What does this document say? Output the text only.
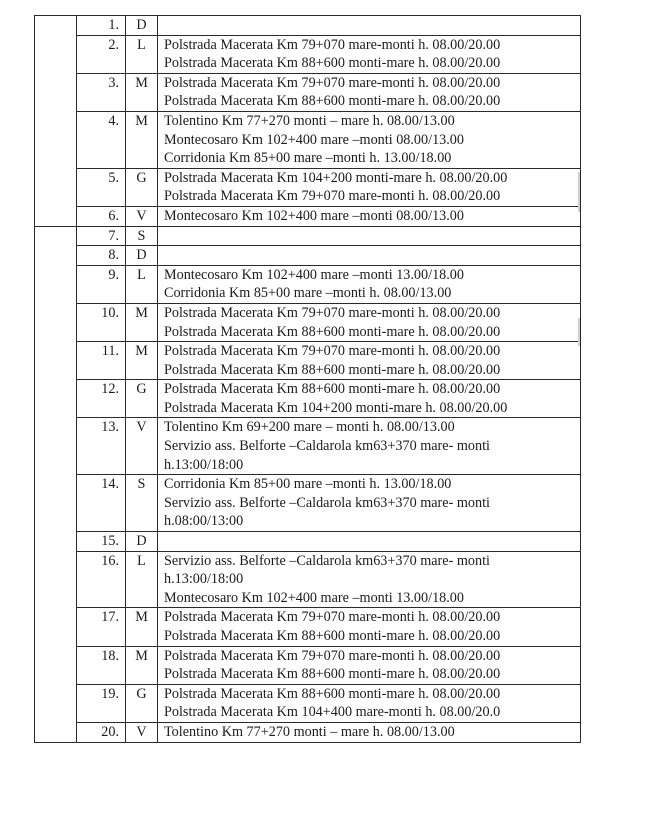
	1.	D	

	2.	L	Polstrada Macerata Km 79+070 mare-monti h. 08.00/20.00
Polstrada Macerata Km 88+600 monti-mare h. 08.00/20.00

	3.	M	Polstrada Macerata Km 79+070 mare-monti h. 08.00/20.00
Polstrada Macerata Km 88+600 monti-mare h. 08.00/20.00

	4.	M	Tolentino Km 77+270 monti – mare h. 08.00/13.00
Montecosaro Km 102+400 mare –monti 08.00/13.00
Corridonia Km 85+00 mare –monti h. 13.00/18.00

	5.	G	Polstrada Macerata Km 104+200 monti-mare h. 08.00/20.00
Polstrada Macerata Km 79+070 mare-monti h. 08.00/20.00

	6.	V	Montecosaro Km 102+400 mare –monti 08.00/13.00

	7.	S	

	8.	D	

	9.	L	Montecosaro Km 102+400 mare –monti 13.00/18.00
Corridonia Km 85+00 mare –monti h. 08.00/13.00

	10.	M	Polstrada Macerata Km 79+070 mare-monti h. 08.00/20.00
Polstrada Macerata Km 88+600 monti-mare h. 08.00/20.00

	11.	M	Polstrada Macerata Km 79+070 mare-monti h. 08.00/20.00
Polstrada Macerata Km 88+600 monti-mare h. 08.00/20.00

	12.	G	Polstrada Macerata Km 88+600 monti-mare h. 08.00/20.00
Polstrada Macerata Km 104+200 monti-mare h. 08.00/20.00

	13.	V	Tolentino Km 69+200 mare – monti h. 08.00/13.00
Servizio ass. Belforte –Caldarola km63+370 mare- monti
h.13:00/18:00

	14.	S	Corridonia Km 85+00 mare –monti h. 13.00/18.00
Servizio ass. Belforte –Caldarola km63+370 mare- monti
h.08:00/13:00

	15.	D	

	16.	L	Servizio ass. Belforte –Caldarola km63+370 mare- monti
h.13:00/18:00
Montecosaro Km 102+400 mare –monti 13.00/18.00

	17.	M	Polstrada Macerata Km 79+070 mare-monti h. 08.00/20.00
Polstrada Macerata Km 88+600 monti-mare h. 08.00/20.00

	18.	M	Polstrada Macerata Km 79+070 mare-monti h. 08.00/20.00
Polstrada Macerata Km 88+600 monti-mare h. 08.00/20.00

	19.	G	Polstrada Macerata Km 88+600 monti-mare h. 08.00/20.00
Polstrada Macerata Km 104+400 mare-monti h. 08.00/20.0

	20.	V	Tolentino Km 77+270 monti – mare h. 08.00/13.00
